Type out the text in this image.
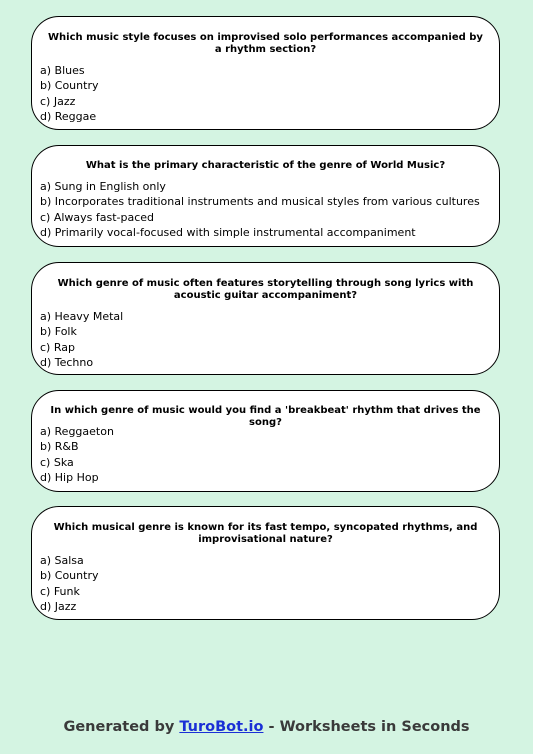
Which music style focuses on improvised solo performances accompanied by a rhythm section?

a) Blues
b) Country
c) Jazz
d) Reggae

What is the primary characteristic of the genre of World Music?

a) Sung in English only
b) Incorporates traditional instruments and musical styles from various cultures
c) Always fast-paced
d) Primarily vocal-focused with simple instrumental accompaniment

Which genre of music often features storytelling through song lyrics with acoustic guitar accompaniment?

a) Heavy Metal
b) Folk
c) Rap
d) Techno

In which genre of music would you find a 'breakbeat' rhythm that drives the song?

a) Reggaeton
b) R&B
c) Ska
d) Hip Hop

Which musical genre is known for its fast tempo, syncopated rhythms, and improvisational nature?

a) Salsa
b) Country
c) Funk
d) Jazz
Generated by TuroBot.io - Worksheets in Seconds
